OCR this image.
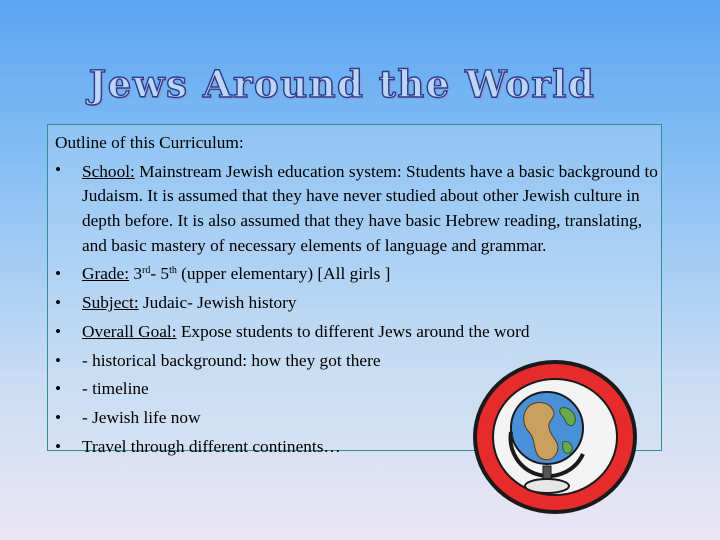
Jews Around the World
Outline of this Curriculum:
• School: Mainstream Jewish education system: Students have a basic background to Judaism. It is assumed that they have never studied about other Jewish culture in depth before. It is also assumed that they have basic Hebrew reading, translating, and basic mastery of necessary elements of language and grammar.
• Grade: 3rd- 5th (upper elementary) [All girls ]
• Subject: Judaic- Jewish history
• Overall Goal: Expose students to different Jews around the word
• - historical background: how they got there
• - timeline
• - Jewish life now
• Travel through different continents…
